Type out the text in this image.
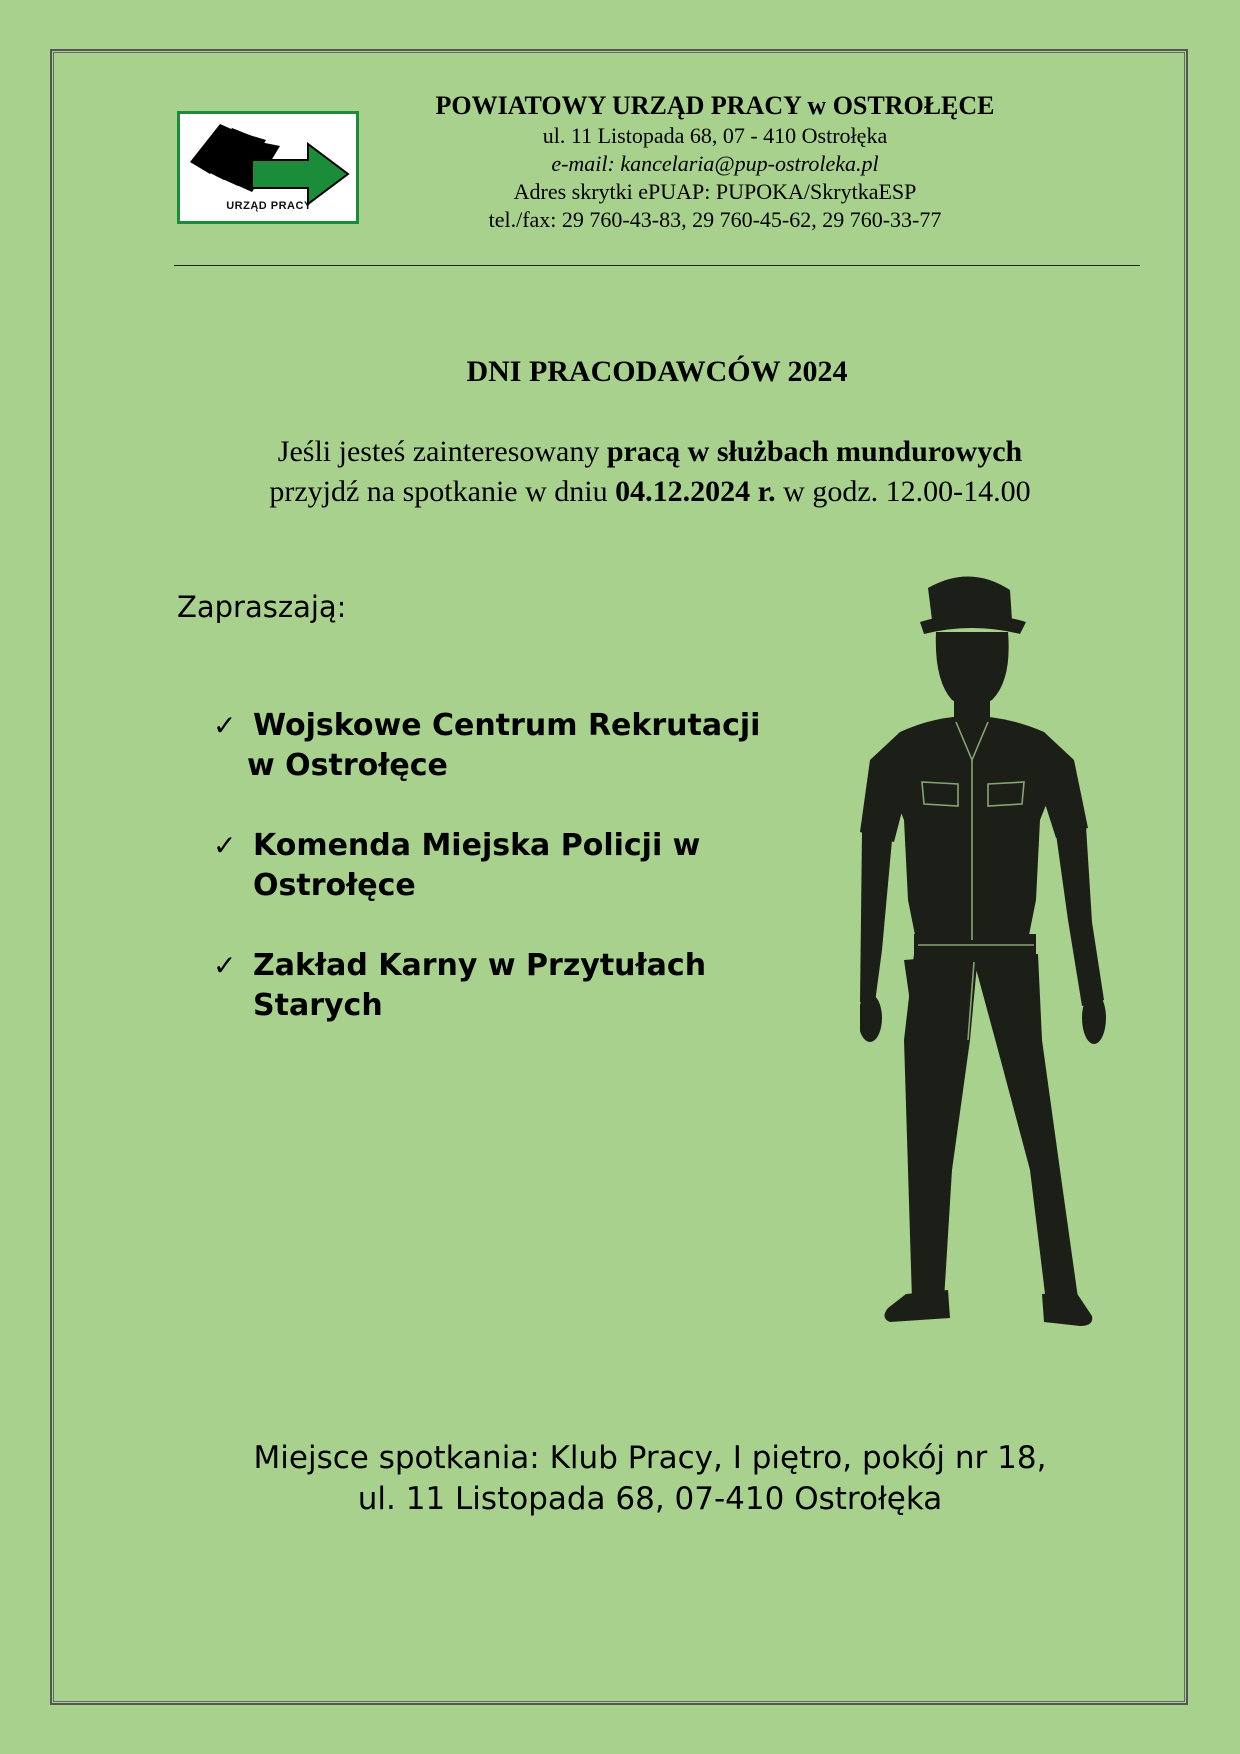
URZĄD PRACY
POWIATOWY URZĄD PRACY w OSTROŁĘCE
ul. 11 Listopada 68, 07 - 410 Ostrołęka
e-mail: kancelaria@pup-ostroleka.pl
Adres skrytki ePUAP: PUPOKA/SkrytkaESP
tel./fax: 29 760-43-83, 29 760-45-62, 29 760-33-77
DNI PRACODAWCÓW 2024
Jeśli jesteś zainteresowany pracą w służbach mundurowych
przyjdź na spotkanie w dniu 04.12.2024 r. w godz. 12.00-14.00
Zapraszają:
✓ Wojskowe Centrum Rekrutacji
w Ostrołęce
✓ Komenda Miejska Policji w
Ostrołęce
✓ Zakład Karny w Przytułach
Starych
Miejsce spotkania: Klub Pracy, I piętro, pokój nr 18,
ul. 11 Listopada 68, 07-410 Ostrołęka
